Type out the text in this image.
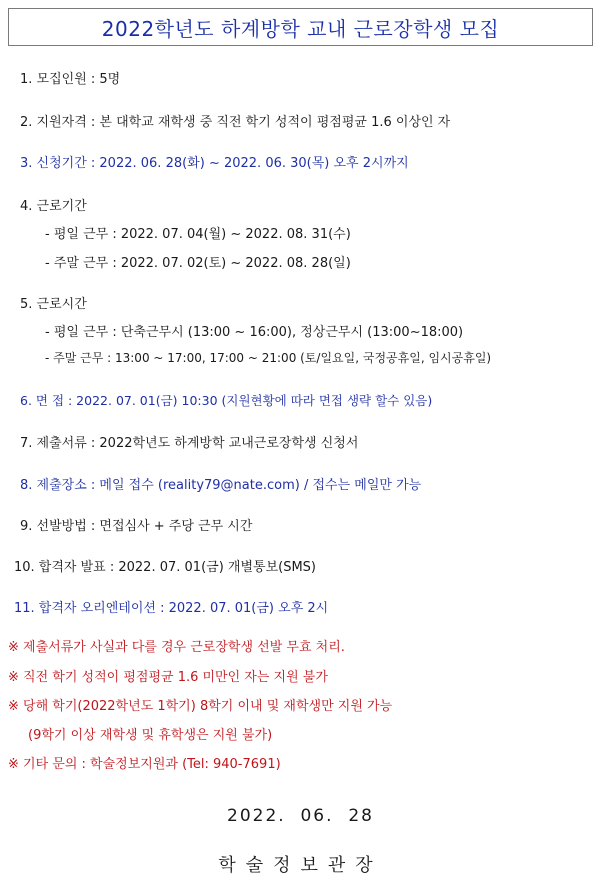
2022학년도 하계방학 교내 근로장학생 모집
1. 모집인원 : 5명
2. 지원자격 : 본 대학교 재학생 중 직전 학기 성적이 평점평균 1.6 이상인 자
3. 신청기간 : 2022. 06. 28(화) ~ 2022. 06. 30(목) 오후 2시까지
4. 근로기간
- 평일 근무 : 2022. 07. 04(월) ~ 2022. 08. 31(수)
- 주말 근무 : 2022. 07. 02(토) ~ 2022. 08. 28(일)
5. 근로시간
- 평일 근무 : 단축근무시 (13:00 ~ 16:00), 정상근무시 (13:00~18:00)
- 주말 근무 : 13:00 ~ 17:00, 17:00 ~ 21:00 (토/일요일, 국정공휴일, 임시공휴일)
6. 면 접 : 2022. 07. 01(금) 10:30 (지원현황에 따라 면접 생략 할수 있음)
7. 제출서류 : 2022학년도 하계방학 교내근로장학생 신청서
8. 제출장소 : 메일 접수 (reality79@nate.com) / 접수는 메일만 가능
9. 선발방법 : 면접심사 + 주당 근무 시간
10. 합격자 발표 : 2022. 07. 01(금) 개별통보(SMS)
11. 합격자 오리엔테이션 : 2022. 07. 01(금) 오후 2시
※ 제출서류가 사실과 다를 경우 근로장학생 선발 무효 처리.
※ 직전 학기 성적이 평점평균 1.6 미만인 자는 지원 불가
※ 당해 학기(2022학년도 1학기) 8학기 이내 및 재학생만 지원 가능
(9학기 이상 재학생 및 휴학생은 지원 불가)
※ 기타 문의 : 학술정보지원과 (Tel: 940-7691)
2022.  06.  28
학술정보관장
